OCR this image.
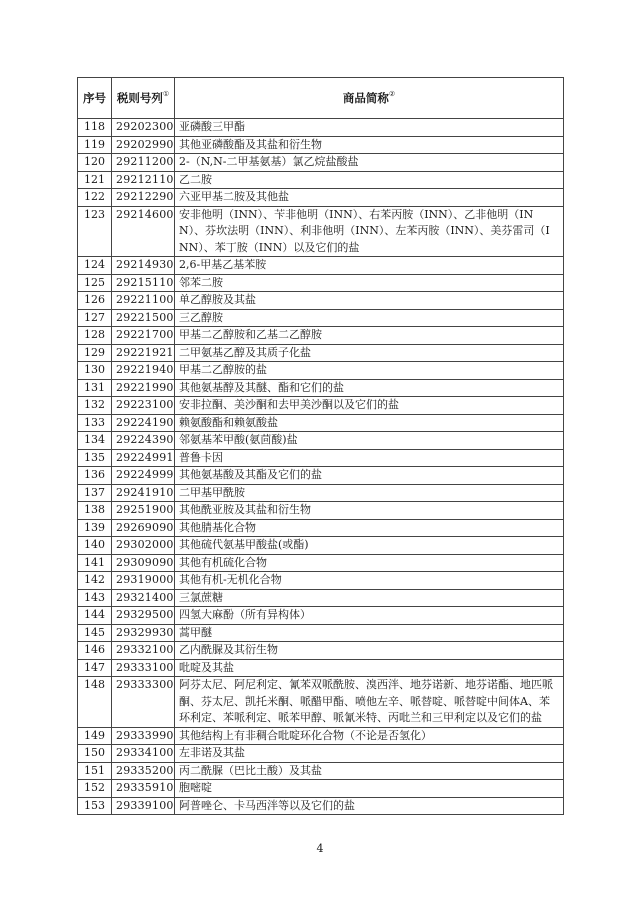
序号	税则号列①	商品简称②
118	29202300	亚磷酸三甲酯
119	29202990	其他亚磷酸酯及其盐和衍生物
120	29211200	2-（N,N-二甲基氨基）氯乙烷盐酸盐
121	29212110	乙二胺
122	29212290	六亚甲基二胺及其他盐
123	29214600	安非他明（INN）、苄非他明（INN）、右苯丙胺（INN）、乙非他明（INN）、芬坎法明（INN）、利非他明（INN）、左苯丙胺（INN）、美芬雷司（INN）、苯丁胺（INN）以及它们的盐
124	29214930	2,6-甲基乙基苯胺
125	29215110	邻苯二胺
126	29221100	单乙醇胺及其盐
127	29221500	三乙醇胺
128	29221700	甲基二乙醇胺和乙基二乙醇胺
129	29221921	二甲氨基乙醇及其质子化盐
130	29221940	甲基二乙醇胺的盐
131	29221990	其他氨基醇及其醚、酯和它们的盐
132	29223100	安非拉酮、美沙酮和去甲美沙酮以及它们的盐
133	29224190	赖氨酸酯和赖氨酸盐
134	29224390	邻氨基苯甲酸(氨茴酸)盐
135	29224991	普鲁卡因
136	29224999	其他氨基酸及其酯及它们的盐
137	29241910	二甲基甲酰胺
138	29251900	其他酰亚胺及其盐和衍生物
139	29269090	其他腈基化合物
140	29302000	其他硫代氨基甲酸盐(或酯)
141	29309090	其他有机硫化合物
142	29319000	其他有机-无机化合物
143	29321400	三氯蔗糖
144	29329500	四氢大麻酚（所有异构体）
145	29329930	蒿甲醚
146	29332100	乙内酰脲及其衍生物
147	29333100	吡啶及其盐
148	29333300	阿芬太尼、阿尼利定、氰苯双哌酰胺、溴西泮、地芬诺新、地芬诺酯、地匹哌酮、芬太尼、凯托米酮、哌醋甲酯、喷他左辛、哌替啶、哌替啶中间体A、苯环利定、苯哌利定、哌苯甲醇、哌氰米特、丙吡兰和三甲利定以及它们的盐
149	29333990	其他结构上有非稠合吡啶环化合物（不论是否氢化）
150	29334100	左非诺及其盐
151	29335200	丙二酰脲（巴比土酸）及其盐
152	29335910	胞嘧啶
153	29339100	阿普唑仑、卡马西泮等以及它们的盐
4
